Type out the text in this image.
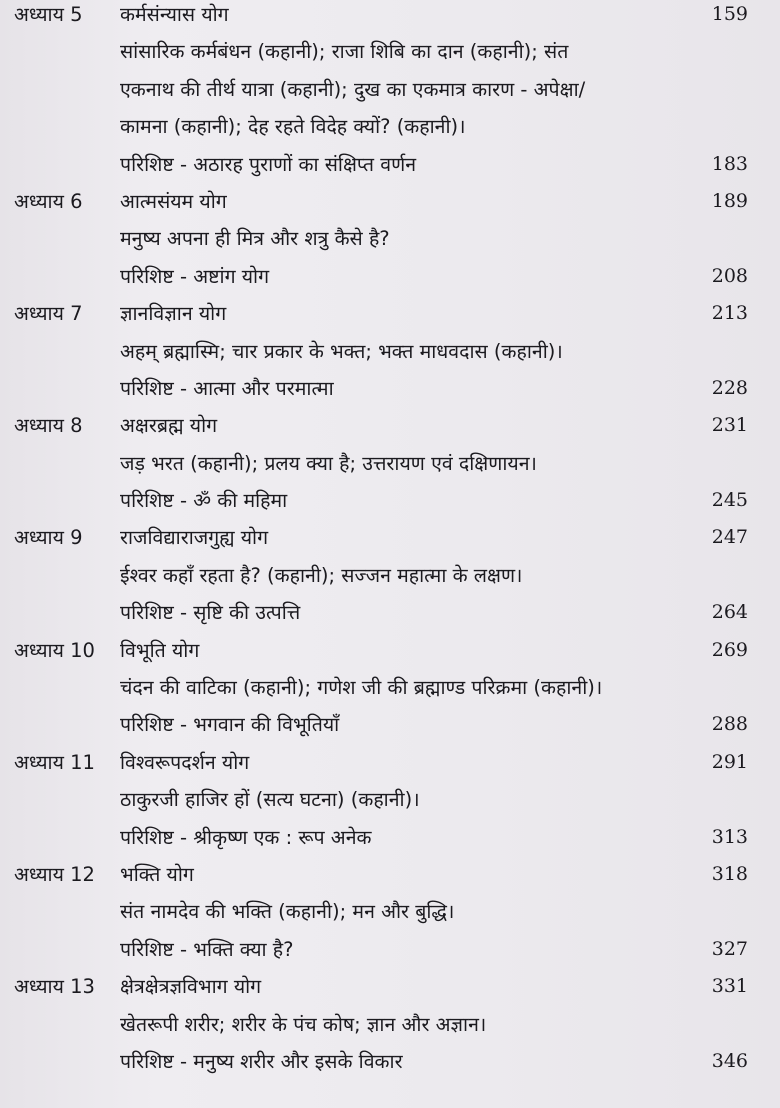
अध्याय 5 कर्मसंन्यास योग	159
सांसारिक कर्मबंधन (कहानी); राजा शिबि का दान (कहानी); संत
एकनाथ की तीर्थ यात्रा (कहानी); दुख का एकमात्र कारण - अपेक्षा/
कामना (कहानी); देह रहते विदेह क्यों? (कहानी)।
परिशिष्ट - अठारह पुराणों का संक्षिप्त वर्णन	183
अध्याय 6 आत्मसंयम योग	189
मनुष्य अपना ही मित्र और शत्रु कैसे है?
परिशिष्ट - अष्टांग योग	208
अध्याय 7 ज्ञानविज्ञान योग	213
अहम् ब्रह्मास्मि; चार प्रकार के भक्त; भक्त माधवदास (कहानी)।
परिशिष्ट - आत्मा और परमात्मा	228
अध्याय 8 अक्षरब्रह्म योग	231
जड़ भरत (कहानी); प्रलय क्या है; उत्तरायण एवं दक्षिणायन।
परिशिष्ट - ॐ की महिमा	245
अध्याय 9 राजविद्याराजगुह्य योग	247
ईश्वर कहाँ रहता है? (कहानी); सज्जन महात्मा के लक्षण।
परिशिष्ट - सृष्टि की उत्पत्ति	264
अध्याय 10 विभूति योग	269
चंदन की वाटिका (कहानी); गणेश जी की ब्रह्माण्ड परिक्रमा (कहानी)।
परिशिष्ट - भगवान की विभूतियाँ	288
अध्याय 11 विश्वरूपदर्शन योग	291
ठाकुरजी हाजिर हों (सत्य घटना) (कहानी)।
परिशिष्ट - श्रीकृष्ण एक : रूप अनेक	313
अध्याय 12 भक्ति योग	318
संत नामदेव की भक्ति (कहानी); मन और बुद्धि।
परिशिष्ट - भक्ति क्या है?	327
अध्याय 13 क्षेत्रक्षेत्रज्ञविभाग योग	331
खेतरूपी शरीर; शरीर के पंच कोष; ज्ञान और अज्ञान।
परिशिष्ट - मनुष्य शरीर और इसके विकार	346
